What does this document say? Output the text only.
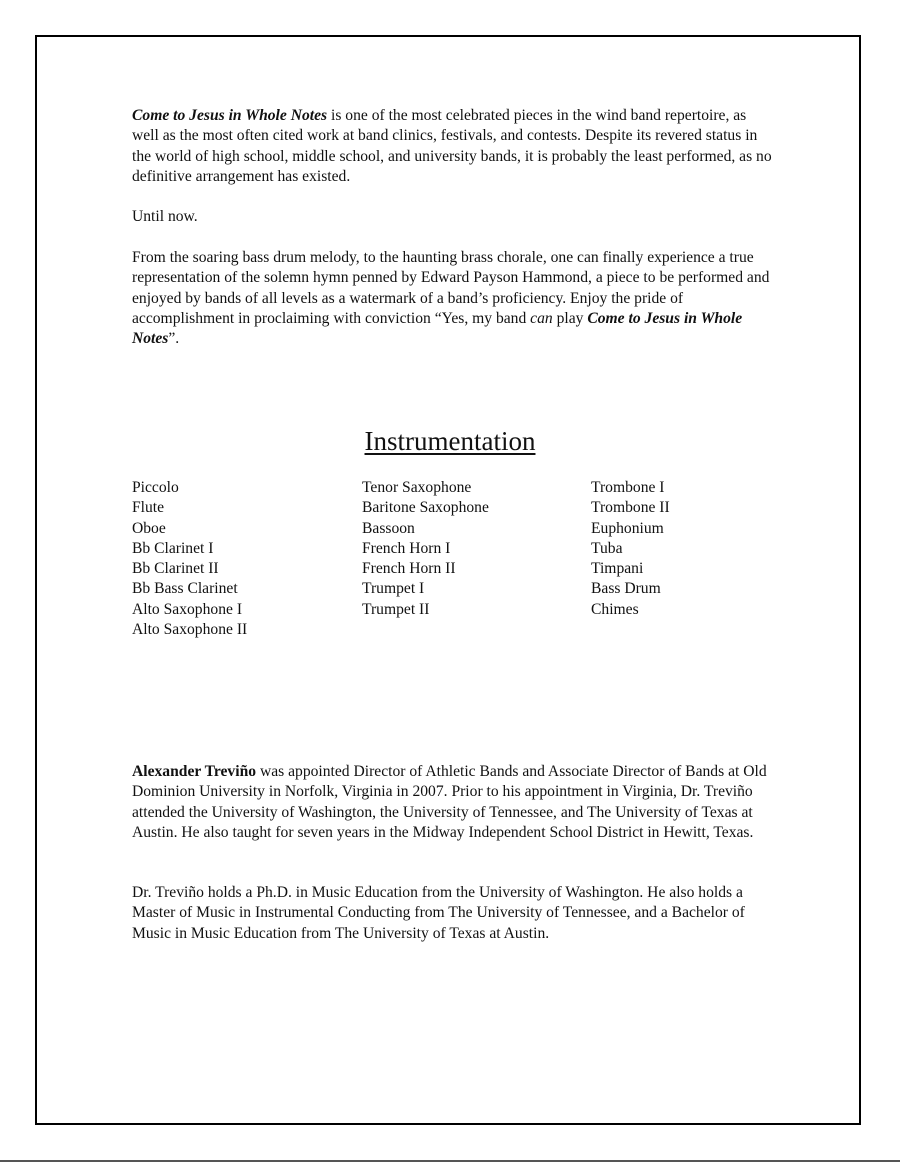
Come to Jesus in Whole Notes is one of the most celebrated pieces in the wind band repertoire, as well as the most often cited work at band clinics, festivals, and contests. Despite its revered status in the world of high school, middle school, and university bands, it is probably the least performed, as no definitive arrangement has existed.

Until now.

From the soaring bass drum melody, to the haunting brass chorale, one can finally experience a true representation of the solemn hymn penned by Edward Payson Hammond, a piece to be performed and enjoyed by bands of all levels as a watermark of a band’s proficiency. Enjoy the pride of accomplishment in proclaiming with conviction “Yes, my band can play Come to Jesus in Whole Notes”.

Instrumentation
Piccolo
Flute
Oboe
Bb Clarinet I
Bb Clarinet II
Bb Bass Clarinet
Alto Saxophone I
Alto Saxophone II
Tenor Saxophone
Baritone Saxophone
Bassoon
French Horn I
French Horn II
Trumpet I
Trumpet II
Trombone I
Trombone II
Euphonium
Tuba
Timpani
Bass Drum
Chimes

Alexander Treviño was appointed Director of Athletic Bands and Associate Director of Bands at Old Dominion University in Norfolk, Virginia in 2007. Prior to his appointment in Virginia, Dr. Treviño attended the University of Washington, the University of Tennessee, and The University of Texas at Austin. He also taught for seven years in the Midway Independent School District in Hewitt, Texas.

Dr. Treviño holds a Ph.D. in Music Education from the University of Washington. He also holds a Master of Music in Instrumental Conducting from The University of Tennessee, and a Bachelor of Music in Music Education from The University of Texas at Austin.
